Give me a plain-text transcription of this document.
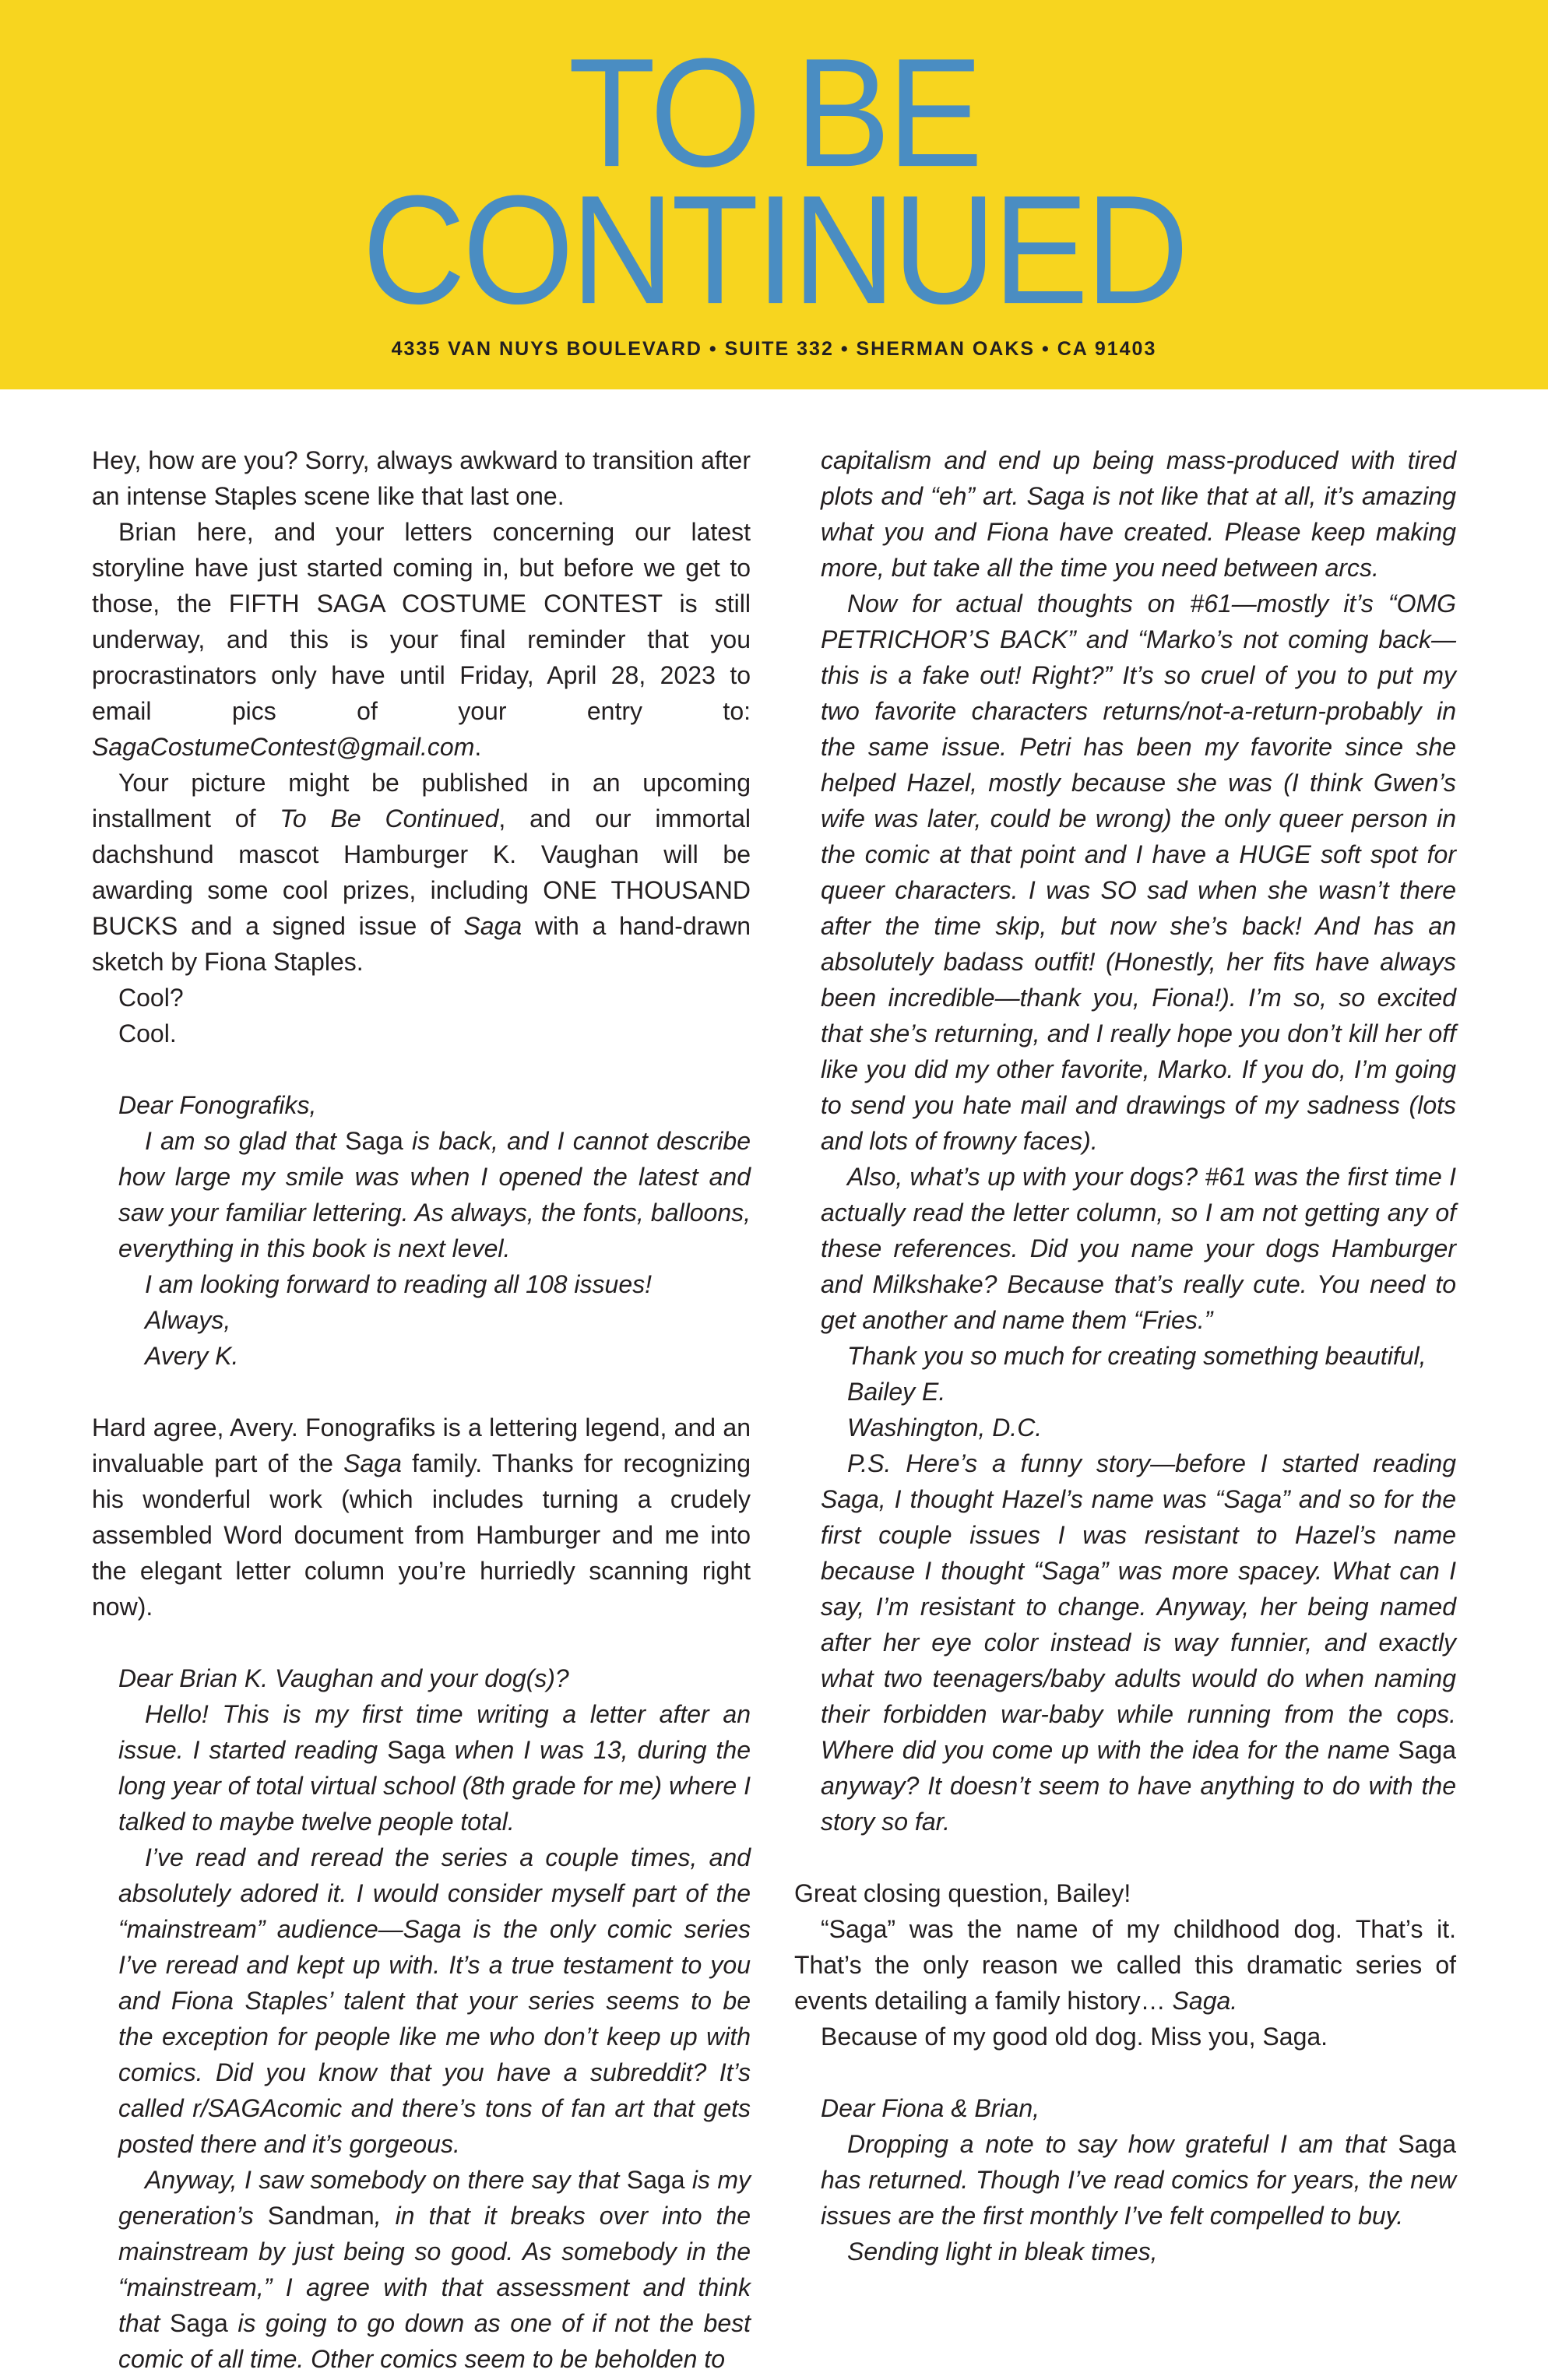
TO BE
CONTINUED
4335 VAN NUYS BOULEVARD • SUITE 332 • SHERMAN OAKS • CA 91403

Hey, how are you? Sorry, always awkward to transition after an intense Staples scene like that last one.

Brian here, and your letters concerning our latest storyline have just started coming in, but before we get to those, the FIFTH SAGA COSTUME CONTEST is still underway, and this is your final reminder that you procrastinators only have until Friday, April 28, 2023 to email pics of your entry to: SagaCostumeContest@gmail.com.

Your picture might be published in an upcoming installment of To Be Continued, and our immortal dachshund mascot Hamburger K. Vaughan will be awarding some cool prizes, including ONE THOUSAND BUCKS and a signed issue of Saga with a hand-drawn sketch by Fiona Staples.

Cool?

Cool.

Dear Fonografiks,

I am so glad that Saga is back, and I cannot describe how large my smile was when I opened the latest and saw your familiar lettering. As always, the fonts, balloons, everything in this book is next level.

I am looking forward to reading all 108 issues!

Always,

Avery K.

Hard agree, Avery. Fonografiks is a lettering legend, and an invaluable part of the Saga family. Thanks for recognizing his wonderful work (which includes turning a crudely assembled Word document from Hamburger and me into the elegant letter column you’re hurriedly scanning right now).

Dear Brian K. Vaughan and your dog(s)?

Hello! This is my first time writing a letter after an issue. I started reading Saga when I was 13, during the long year of total virtual school (8th grade for me) where I talked to maybe twelve people total.

I’ve read and reread the series a couple times, and absolutely adored it. I would consider myself part of the “mainstream” audience—Saga is the only comic series I’ve reread and kept up with. It’s a true testament to you and Fiona Staples’ talent that your series seems to be the exception for people like me who don’t keep up with comics. Did you know that you have a subreddit? It’s called r/SAGAcomic and there’s tons of fan art that gets posted there and it’s gorgeous.

Anyway, I saw somebody on there say that Saga is my generation’s Sandman, in that it breaks over into the mainstream by just being so good. As somebody in the “mainstream,” I agree with that assessment and think that Saga is going to go down as one of if not the best comic of all time. Other comics seem to be beholden to

capitalism and end up being mass-produced with tired plots and “eh” art. Saga is not like that at all, it’s amazing what you and Fiona have created. Please keep making more, but take all the time you need between arcs.

Now for actual thoughts on #61—mostly it’s “OMG PETRICHOR’S BACK” and “Marko’s not coming back—this is a fake out! Right?” It’s so cruel of you to put my two favorite characters returns/not-a-return-probably in the same issue. Petri has been my favorite since she helped Hazel, mostly because she was (I think Gwen’s wife was later, could be wrong) the only queer person in the comic at that point and I have a HUGE soft spot for queer characters. I was SO sad when she wasn’t there after the time skip, but now she’s back! And has an absolutely badass outfit! (Honestly, her fits have always been incredible—thank you, Fiona!). I’m so, so excited that she’s returning, and I really hope you don’t kill her off like you did my other favorite, Marko. If you do, I’m going to send you hate mail and drawings of my sadness (lots and lots of frowny faces).

Also, what’s up with your dogs? #61 was the first time I actually read the letter column, so I am not getting any of these references. Did you name your dogs Hamburger and Milkshake? Because that’s really cute. You need to get another and name them “Fries.”

Thank you so much for creating something beautiful,

Bailey E.

Washington, D.C.

P.S. Here’s a funny story—before I started reading Saga, I thought Hazel’s name was “Saga” and so for the first couple issues I was resistant to Hazel’s name because I thought “Saga” was more spacey. What can I say, I’m resistant to change. Anyway, her being named after her eye color instead is way funnier, and exactly what two teenagers/baby adults would do when naming their forbidden war-baby while running from the cops. Where did you come up with the idea for the name Saga anyway? It doesn’t seem to have anything to do with the story so far.

Great closing question, Bailey!

“Saga” was the name of my childhood dog. That’s it. That’s the only reason we called this dramatic series of events detailing a family history… Saga.

Because of my good old dog. Miss you, Saga.

Dear Fiona & Brian,

Dropping a note to say how grateful I am that Saga has returned. Though I’ve read comics for years, the new issues are the first monthly I’ve felt compelled to buy.

Sending light in bleak times,
